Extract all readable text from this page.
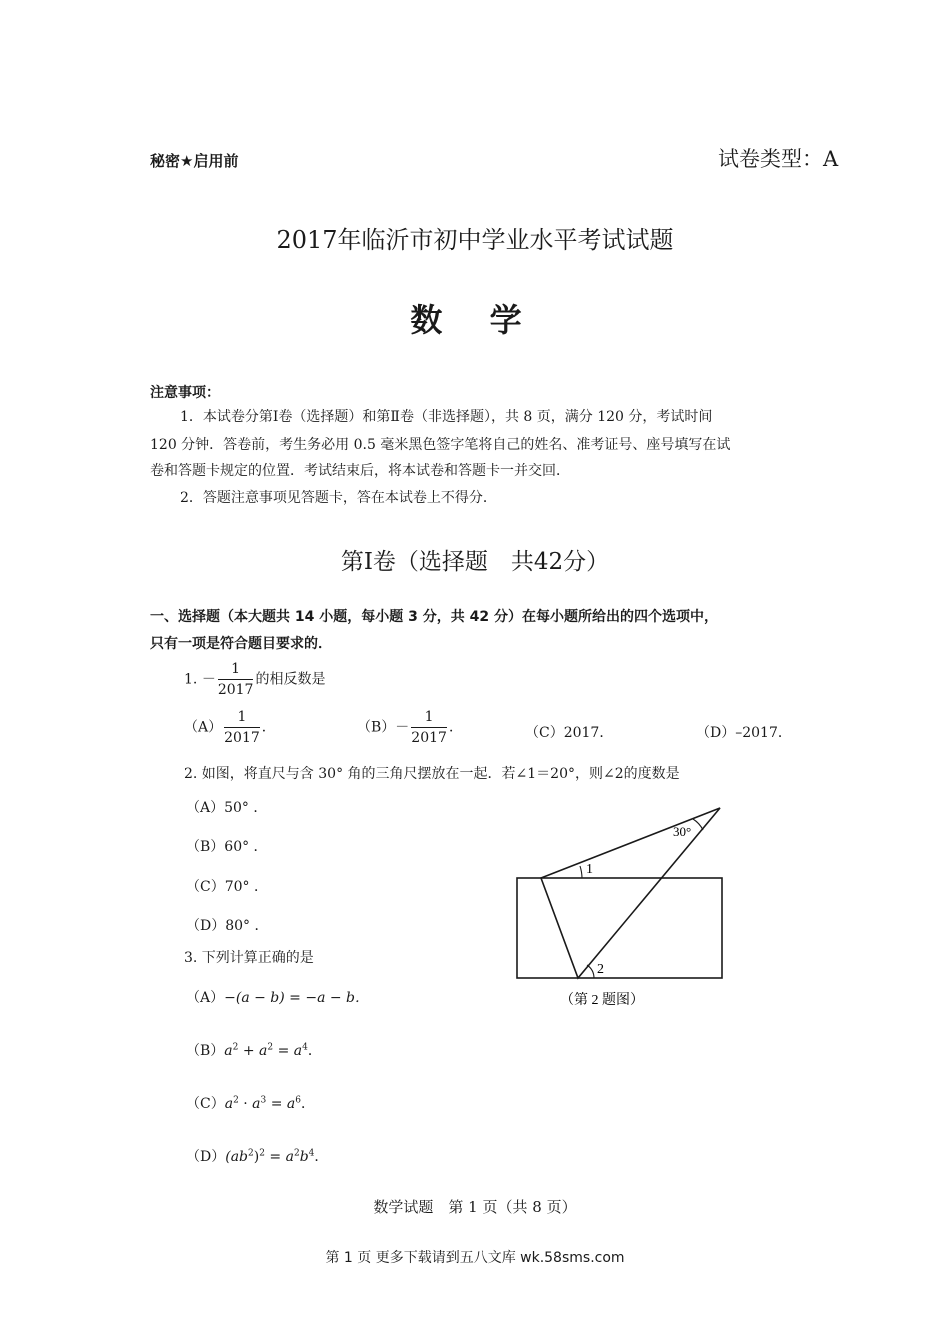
秘密★启用前	试卷类型：A
2017年临沂市初中学业水平考试试题
数 学
注意事项：
1．本试卷分第Ⅰ卷（选择题）和第Ⅱ卷（非选择题），共 8 页，满分 120 分，考试时间
120 分钟．答卷前，考生务必用 0.5 毫米黑色签字笔将自己的姓名、准考证号、座号填写在试
卷和答题卡规定的位置．考试结束后，将本试卷和答题卡一并交回．
2．答题注意事项见答题卡，答在本试卷上不得分．
第Ⅰ卷（选择题　共42分）
一、选择题（本大题共 14 小题，每小题 3 分，共 42 分）在每小题所给出的四个选项中，
只有一项是符合题目要求的．
1. － $\frac{1}{2017}$ 的相反数是
$(A) \frac{1}{2017}$ ．	$(B)- \frac{1}{2017}$ ．	（C）2017．	（D）–2017．
2. 如图，将直尺与含 30° 角的三角尺摆放在一起．若∠1＝20°，则∠2的度数是
（A）50° ．
（B）60° ．
（C）70° ．
（D）80° ．
30°
1
2
（第 2 题图）
3. 下列计算正确的是
（A）−(a − b) = −a − b．
$(B)a^2 + a^2 = a^4$．
$(C)a^2 \cdot a^3 = a^6$．
$(D)(ab^2)^2 = a^2b^4$．
数学试题　第 1 页（共 8 页）
第 1 页 更多下载请到五八文库 wk.58sms.com
